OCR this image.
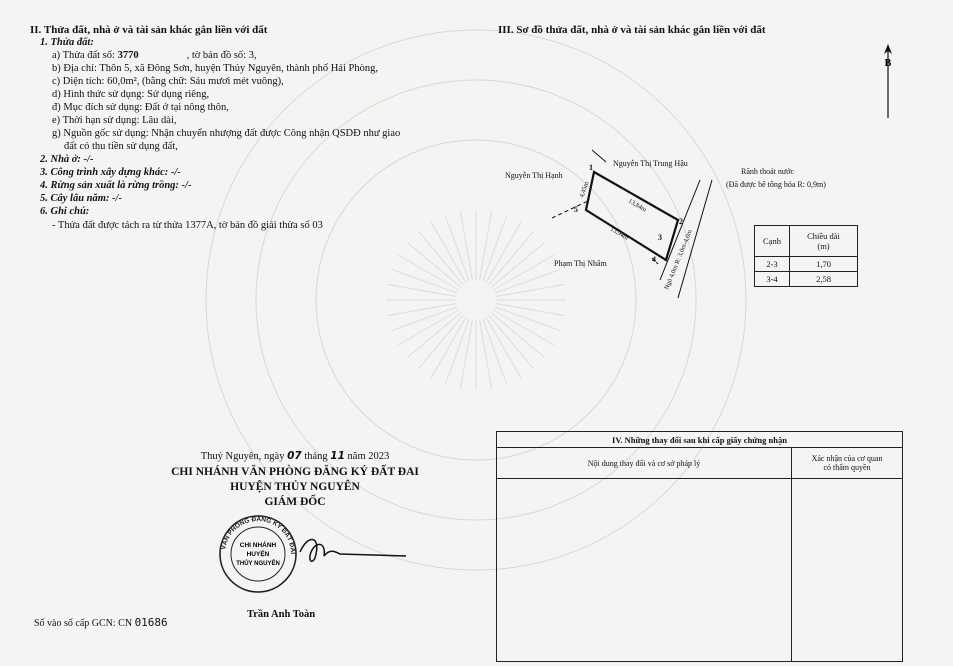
II. Thửa đất, nhà ở và tài sản khác gắn liền với đất
1. Thửa đất:
a) Thửa đất số: 3770	, tờ bản đồ số: 3,
b) Địa chỉ: Thôn 5, xã Đông Sơn, huyện Thủy Nguyên, thành phố Hải Phòng,
c) Diện tích: 60,0m², (bằng chữ: Sáu mươi mét vuông),
d) Hình thức sử dụng: Sử dụng riêng,
đ) Mục đích sử dụng: Đất ở tại nông thôn,
e) Thời hạn sử dụng: Lâu dài,
g) Nguồn gốc sử dụng: Nhận chuyển nhượng đất được Công nhận QSDĐ như giao
đất có thu tiền sử dụng đất,
2. Nhà ở: -/-
3. Công trình xây dựng khác: -/-
4. Rừng sản xuất là rừng trồng: -/-
5. Cây lâu năm: -/-
6. Ghi chú:
- Thửa đất được tách ra từ thửa 1377A, tờ bản đồ giải thửa số 03
Thuỷ Nguyên, ngày 07 tháng 11 năm 2023
CHI NHÁNH VĂN PHÒNG ĐĂNG KÝ ĐẤT ĐAI
HUYỆN THỦY NGUYÊN
GIÁM ĐỐC
VĂN PHÒNG ĐĂNG KÝ ĐẤT ĐAI
CHI NHÁNH
HUYỆN
THỦY NGUYÊN
Trần Anh Toàn
Số vào sổ cấp GCN: CN 01686
III. Sơ đồ thửa đất, nhà ở và tài sản khác gắn liền với đất
B
1
2
3
4
5	13,84m
13,94m
4,45m
Ngõ 4,0m R: 3,0m-4,0m
Nguyễn Thị Hạnh
Nguyễn Thị Trung Hậu
Phạm Thị Nhâm
Rãnh thoát nước
(Đã được bê tông hóa R: 0,9m)
Cạnh	Chiều dài
(m)
2-3	1,70
3-4	2,58
IV. Những thay đổi sau khi cấp giấy chứng nhận	
Nội dung thay đổi và cơ sở pháp lý	Xác nhận của cơ quan
có thẩm quyền
